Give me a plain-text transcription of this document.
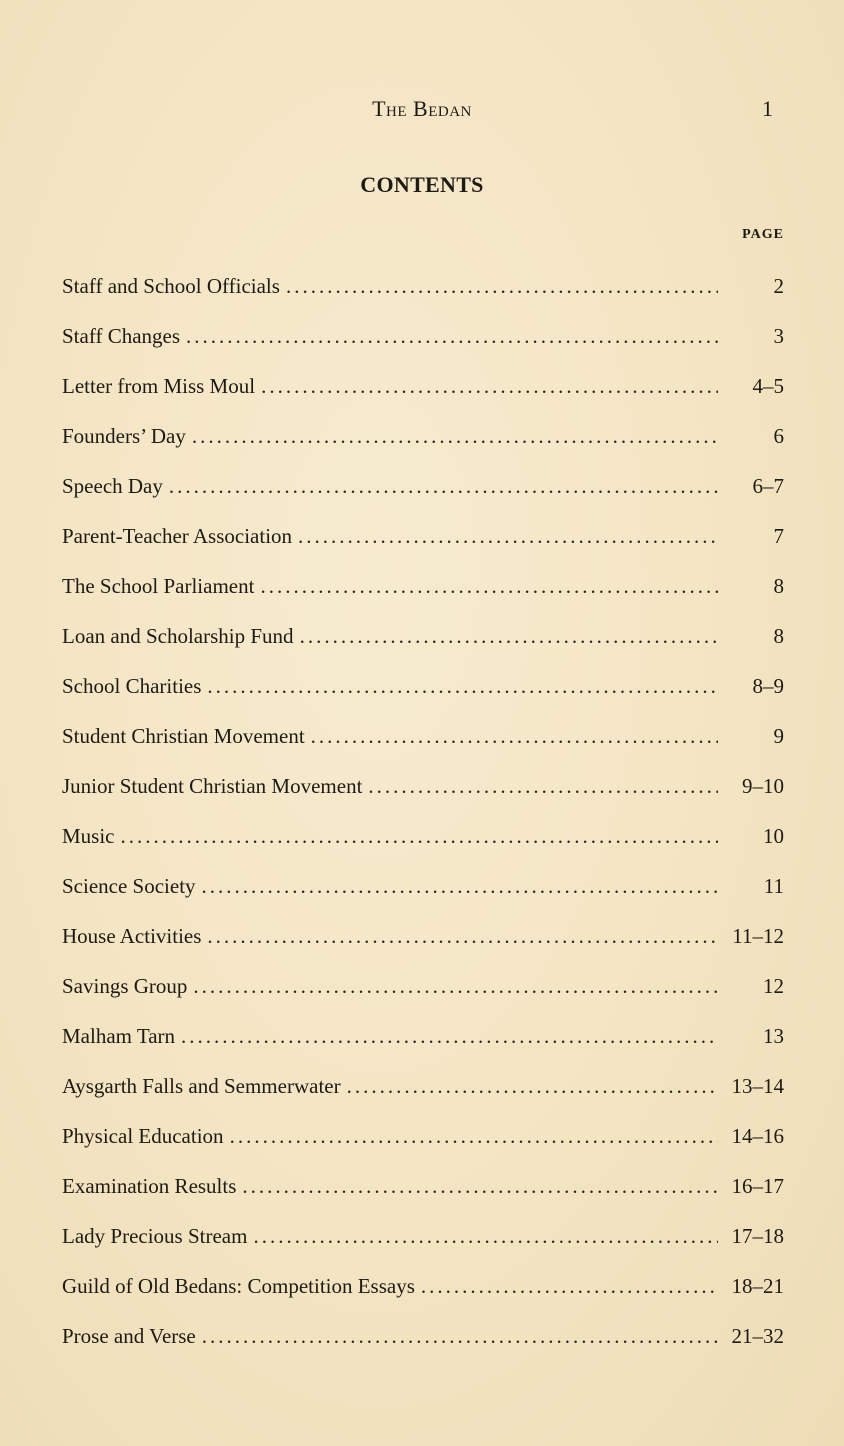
The Bedan	1
CONTENTS
PAGE
Staff and School Officials .....	2
Staff Changes .....	3
Letter from Miss Moul .....	4–5
Founders’ Day .....	6
Speech Day .....	6–7
Parent-Teacher Association .....	7
The School Parliament .....	8
Loan and Scholarship Fund .....	8
School Charities .....	8–9
Student Christian Movement .....	9
Junior Student Christian Movement .....	9–10
Music .....	10
Science Society .....	11
House Activities .....	11–12
Savings Group .....	12
Malham Tarn .....	13
Aysgarth Falls and Semmerwater .....	13–14
Physical Education .....	14–16
Examination Results .....	16–17
Lady Precious Stream .....	17–18
Guild of Old Bedans: Competition Essays .....	18–21
Prose and Verse .....	21–32
